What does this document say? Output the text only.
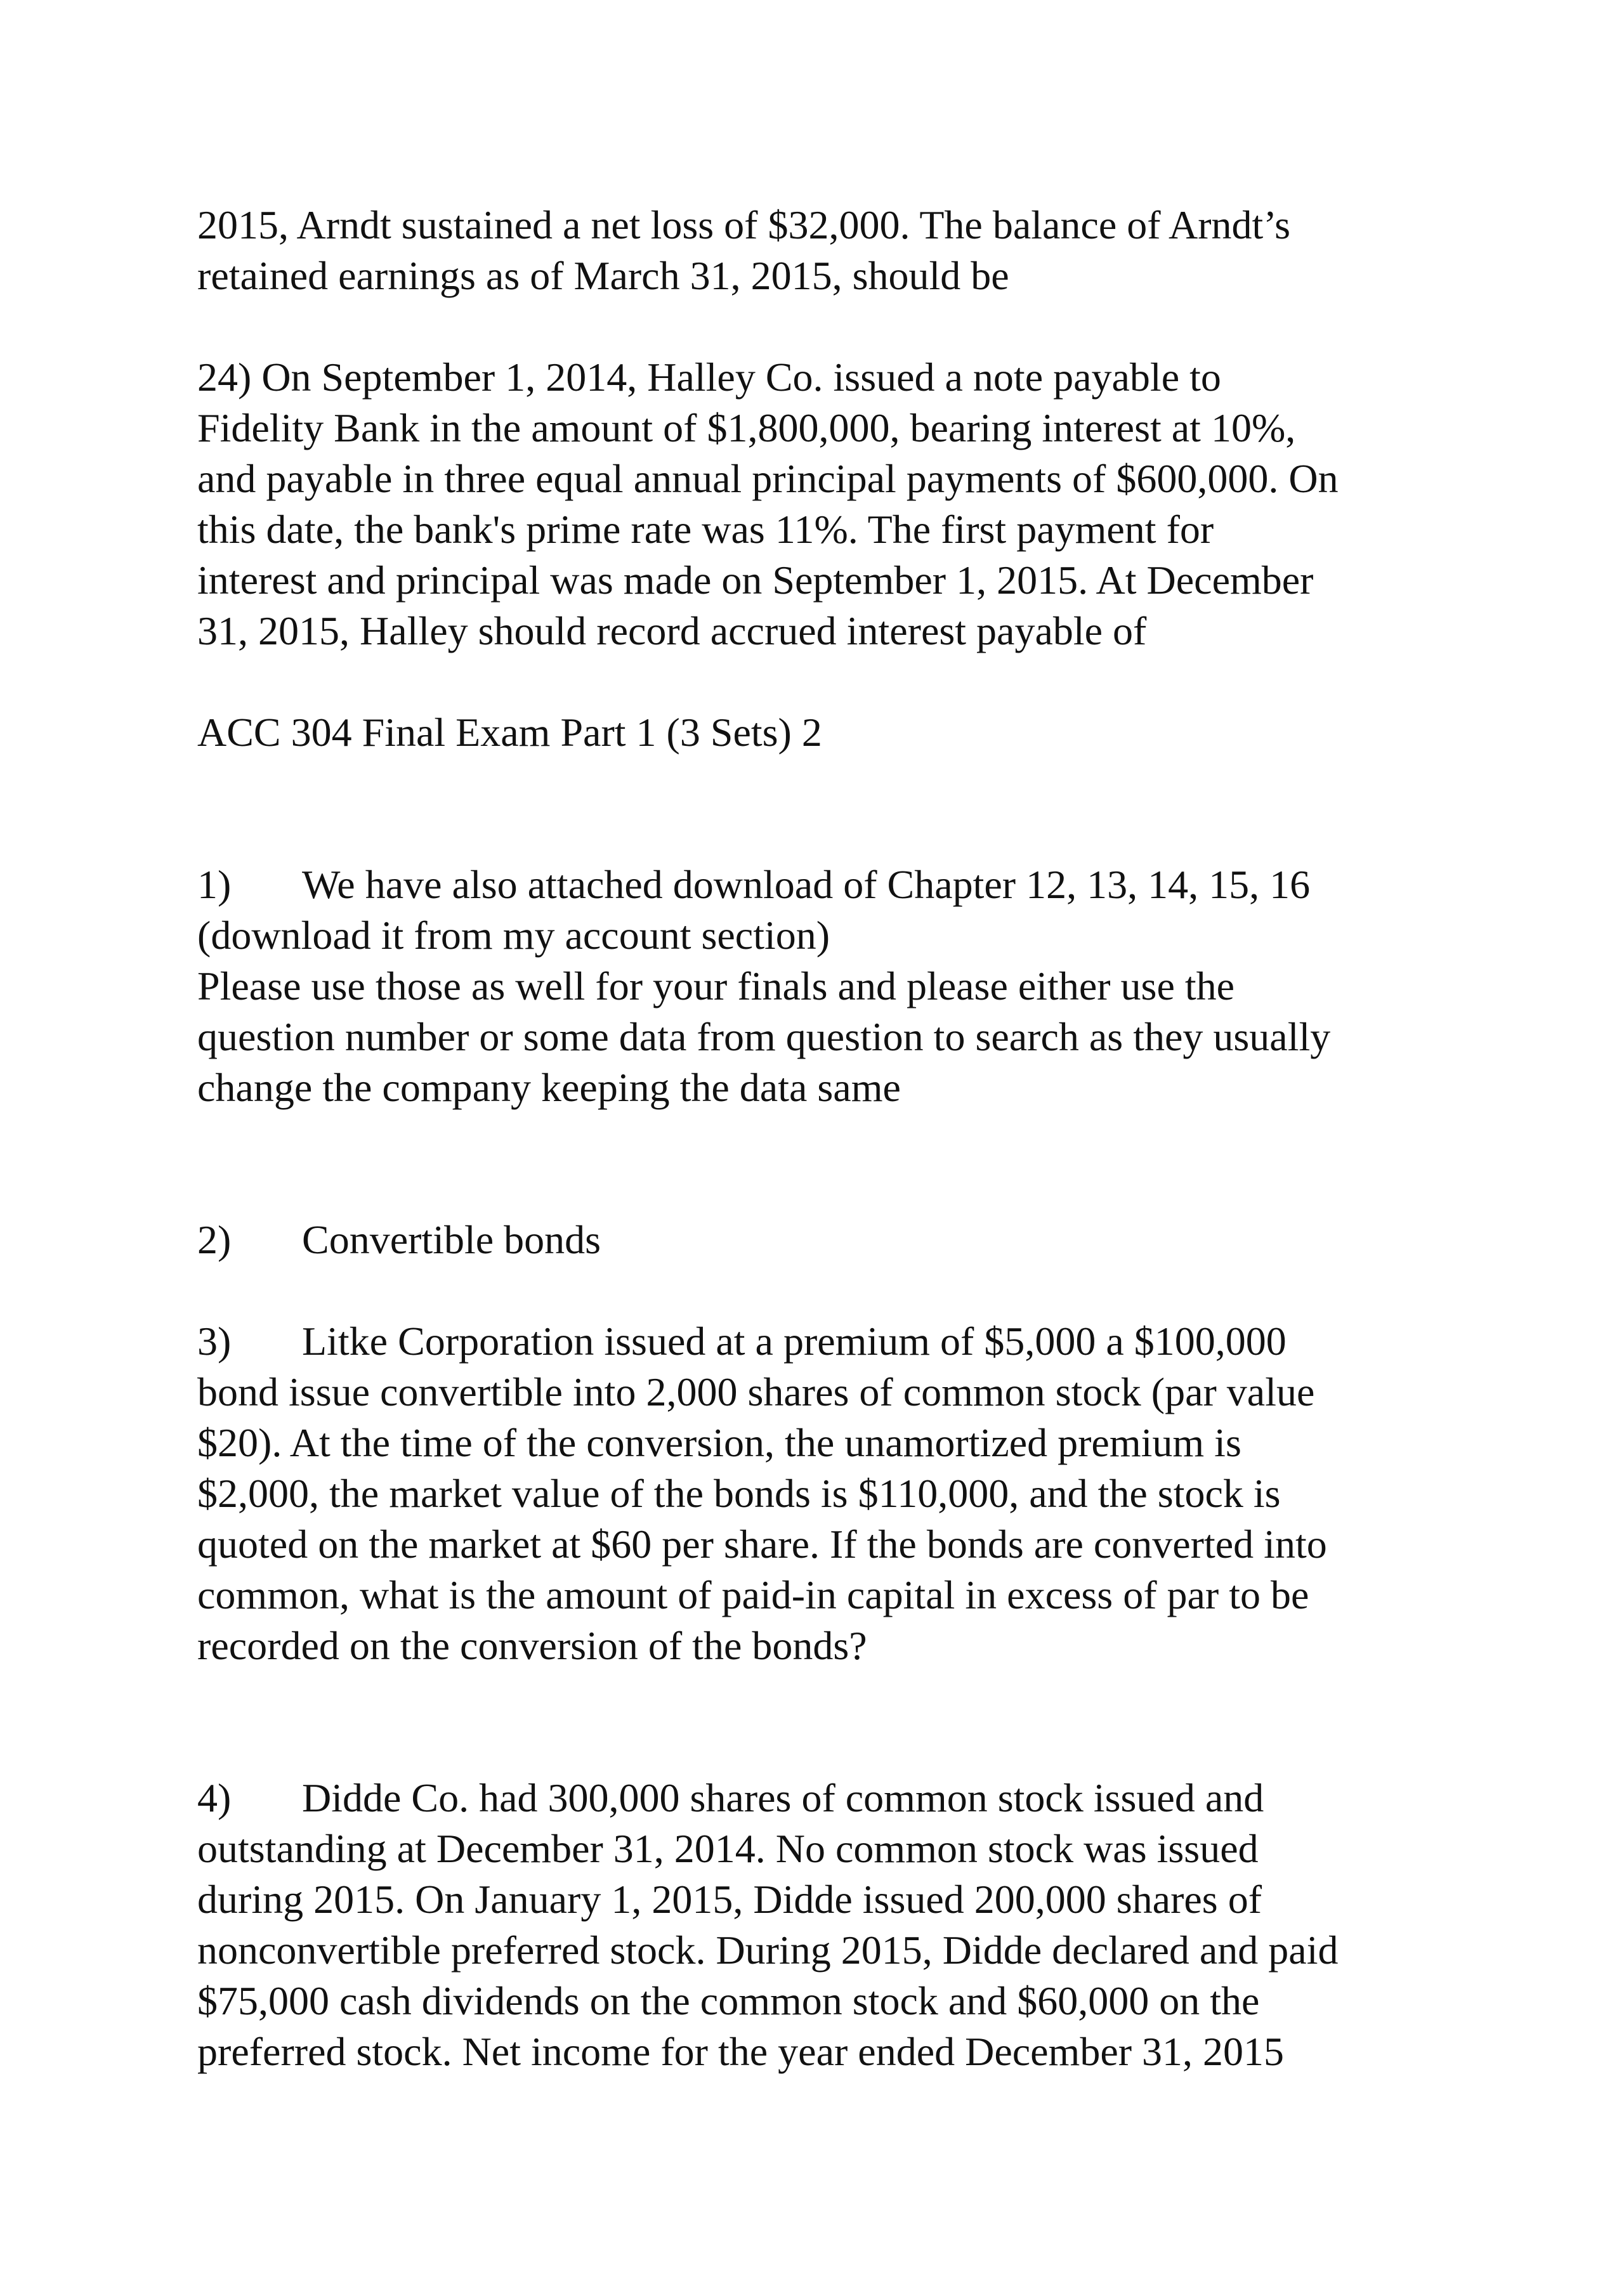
2015, Arndt sustained a net loss of $32,000. The balance of Arndt’s
retained earnings as of March 31, 2015, should be
24) On September 1, 2014, Halley Co. issued a note payable to
Fidelity Bank in the amount of $1,800,000, bearing interest at 10%,
and payable in three equal annual principal payments of $600,000. On
this date, the bank's prime rate was 11%. The first payment for
interest and principal was made on September 1, 2015. At December
31, 2015, Halley should record accrued interest payable of
ACC 304 Final Exam Part 1 (3 Sets) 2
1) We have also attached download of Chapter 12, 13, 14, 15, 16
(download it from my account section)
Please use those as well for your finals and please either use the
question number or some data from question to search as they usually
change the company keeping the data same
2) Convertible bonds
3) Litke Corporation issued at a premium of $5,000 a $100,000
bond issue convertible into 2,000 shares of common stock (par value
$20). At the time of the conversion, the unamortized premium is
$2,000, the market value of the bonds is $110,000, and the stock is
quoted on the market at $60 per share. If the bonds are converted into
common, what is the amount of paid-in capital in excess of par to be
recorded on the conversion of the bonds?
4) Didde Co. had 300,000 shares of common stock issued and
outstanding at December 31, 2014. No common stock was issued
during 2015. On January 1, 2015, Didde issued 200,000 shares of
nonconvertible preferred stock. During 2015, Didde declared and paid
$75,000 cash dividends on the common stock and $60,000 on the
preferred stock. Net income for the year ended December 31, 2015
